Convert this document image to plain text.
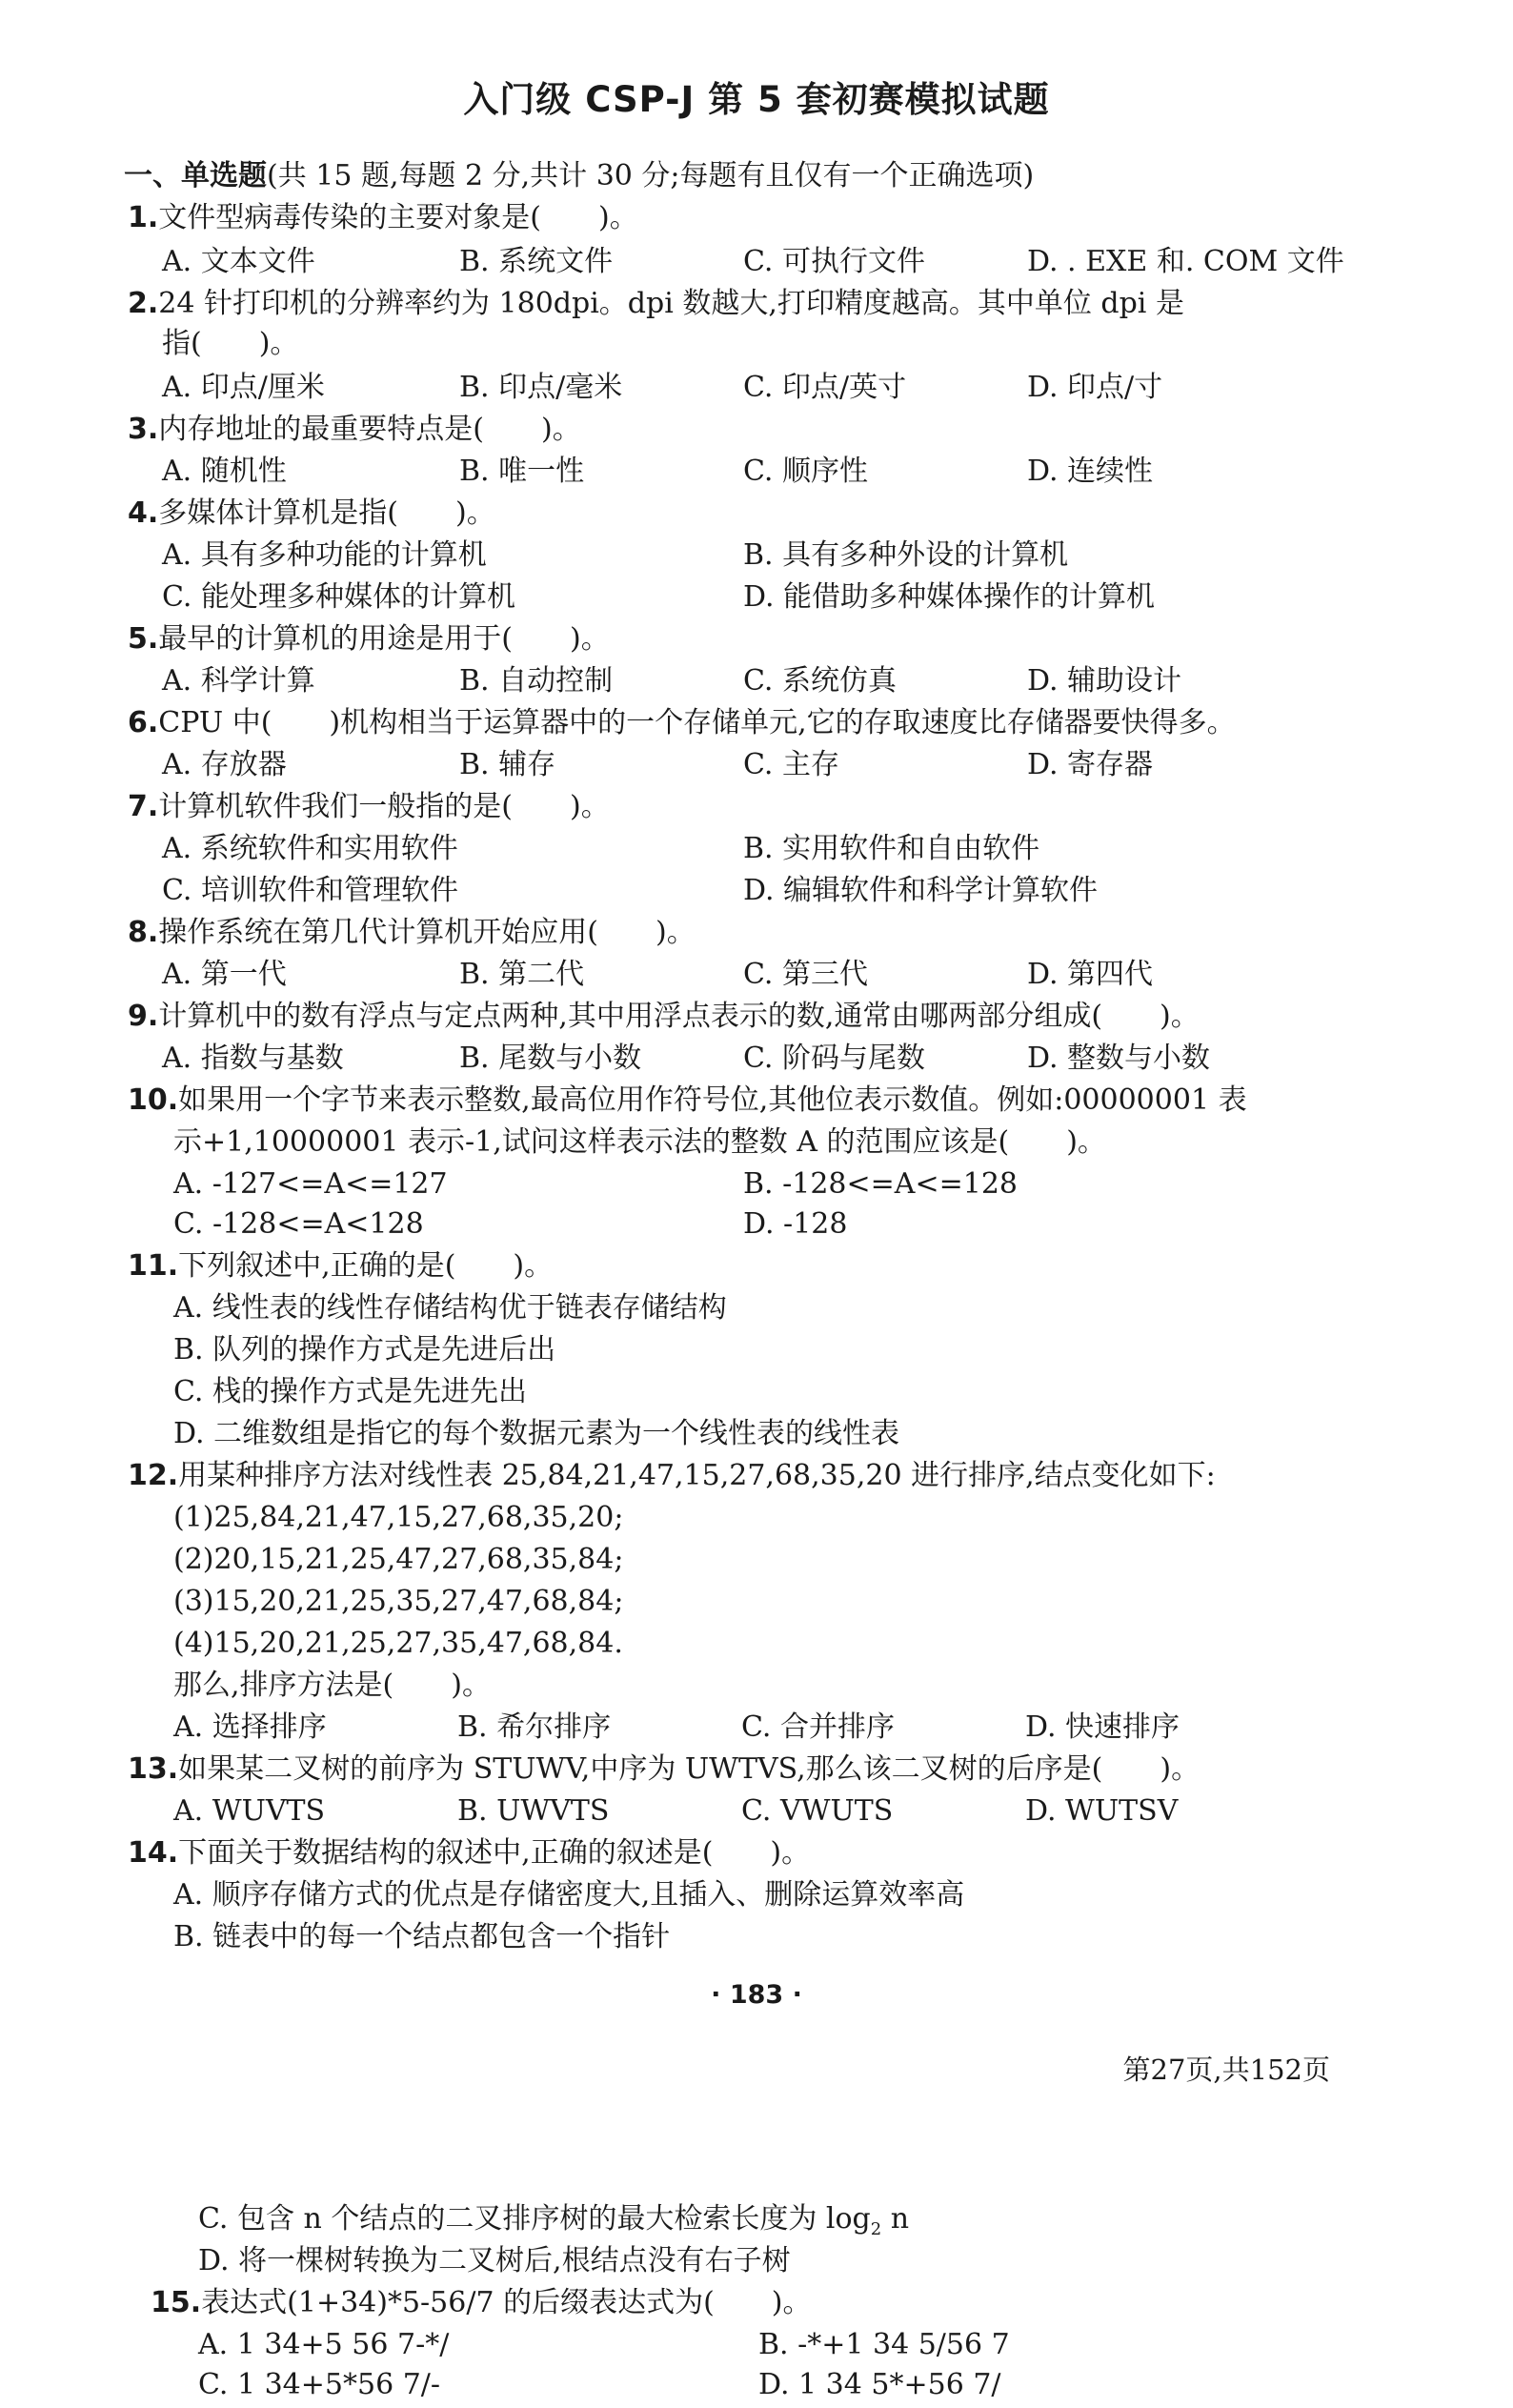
入门级 CSP-J 第 5 套初赛模拟试题
一、单选题(共 15 题,每题 2 分,共计 30 分;每题有且仅有一个正确选项)
1.文件型病毒传染的主要对象是(　　)。
A. 文本文件	B. 系统文件	C. 可执行文件	D. . EXE 和. COM 文件
2.24 针打印机的分辨率约为 180dpi。dpi 数越大,打印精度越高。其中单位 dpi 是
指(　　)。
A. 印点/厘米	B. 印点/毫米	C. 印点/英寸	D. 印点/寸
3.内存地址的最重要特点是(　　)。
A. 随机性	B. 唯一性	C. 顺序性	D. 连续性
4.多媒体计算机是指(　　)。
A. 具有多种功能的计算机	B. 具有多种外设的计算机
C. 能处理多种媒体的计算机	D. 能借助多种媒体操作的计算机
5.最早的计算机的用途是用于(　　)。
A. 科学计算	B. 自动控制	C. 系统仿真	D. 辅助设计
6.CPU 中(　　)机构相当于运算器中的一个存储单元,它的存取速度比存储器要快得多。
A. 存放器	B. 辅存	C. 主存	D. 寄存器
7.计算机软件我们一般指的是(　　)。
A. 系统软件和实用软件	B. 实用软件和自由软件
C. 培训软件和管理软件	D. 编辑软件和科学计算软件
8.操作系统在第几代计算机开始应用(　　)。
A. 第一代	B. 第二代	C. 第三代	D. 第四代
9.计算机中的数有浮点与定点两种,其中用浮点表示的数,通常由哪两部分组成(　　)。
A. 指数与基数	B. 尾数与小数	C. 阶码与尾数	D. 整数与小数
10.如果用一个字节来表示整数,最高位用作符号位,其他位表示数值。例如:00000001 表
示+1,10000001 表示-1,试问这样表示法的整数 A 的范围应该是(　　)。
A. -127<=A<=127	B. -128<=A<=128
C. -128<=A<128	D. -128
11.下列叙述中,正确的是(　　)。
A. 线性表的线性存储结构优于链表存储结构
B. 队列的操作方式是先进后出
C. 栈的操作方式是先进先出
D. 二维数组是指它的每个数据元素为一个线性表的线性表
12.用某种排序方法对线性表 25,84,21,47,15,27,68,35,20 进行排序,结点变化如下:
(1)25,84,21,47,15,27,68,35,20;
(2)20,15,21,25,47,27,68,35,84;
(3)15,20,21,25,35,27,47,68,84;
(4)15,20,21,25,27,35,47,68,84.
那么,排序方法是(　　)。
A. 选择排序	B. 希尔排序	C. 合并排序	D. 快速排序
13.如果某二叉树的前序为 STUWV,中序为 UWTVS,那么该二叉树的后序是(　　)。
A. WUVTS	B. UWVTS	C. VWUTS	D. WUTSV
14.下面关于数据结构的叙述中,正确的叙述是(　　)。
A. 顺序存储方式的优点是存储密度大,且插入、删除运算效率高
B. 链表中的每一个结点都包含一个指针
· 183 ·
第27页,共152页
C. 包含 n 个结点的二叉排序树的最大检索长度为 $\log_2 n$
D. 将一棵树转换为二叉树后,根结点没有右子树
15.表达式(1+34)*5-56/7 的后缀表达式为(　　)。
A. 1 34+5 56 7-*/	B. -*+1 34 5/56 7
C. 1 34+5*56 7/-	D. 1 34 5*+56 7/
